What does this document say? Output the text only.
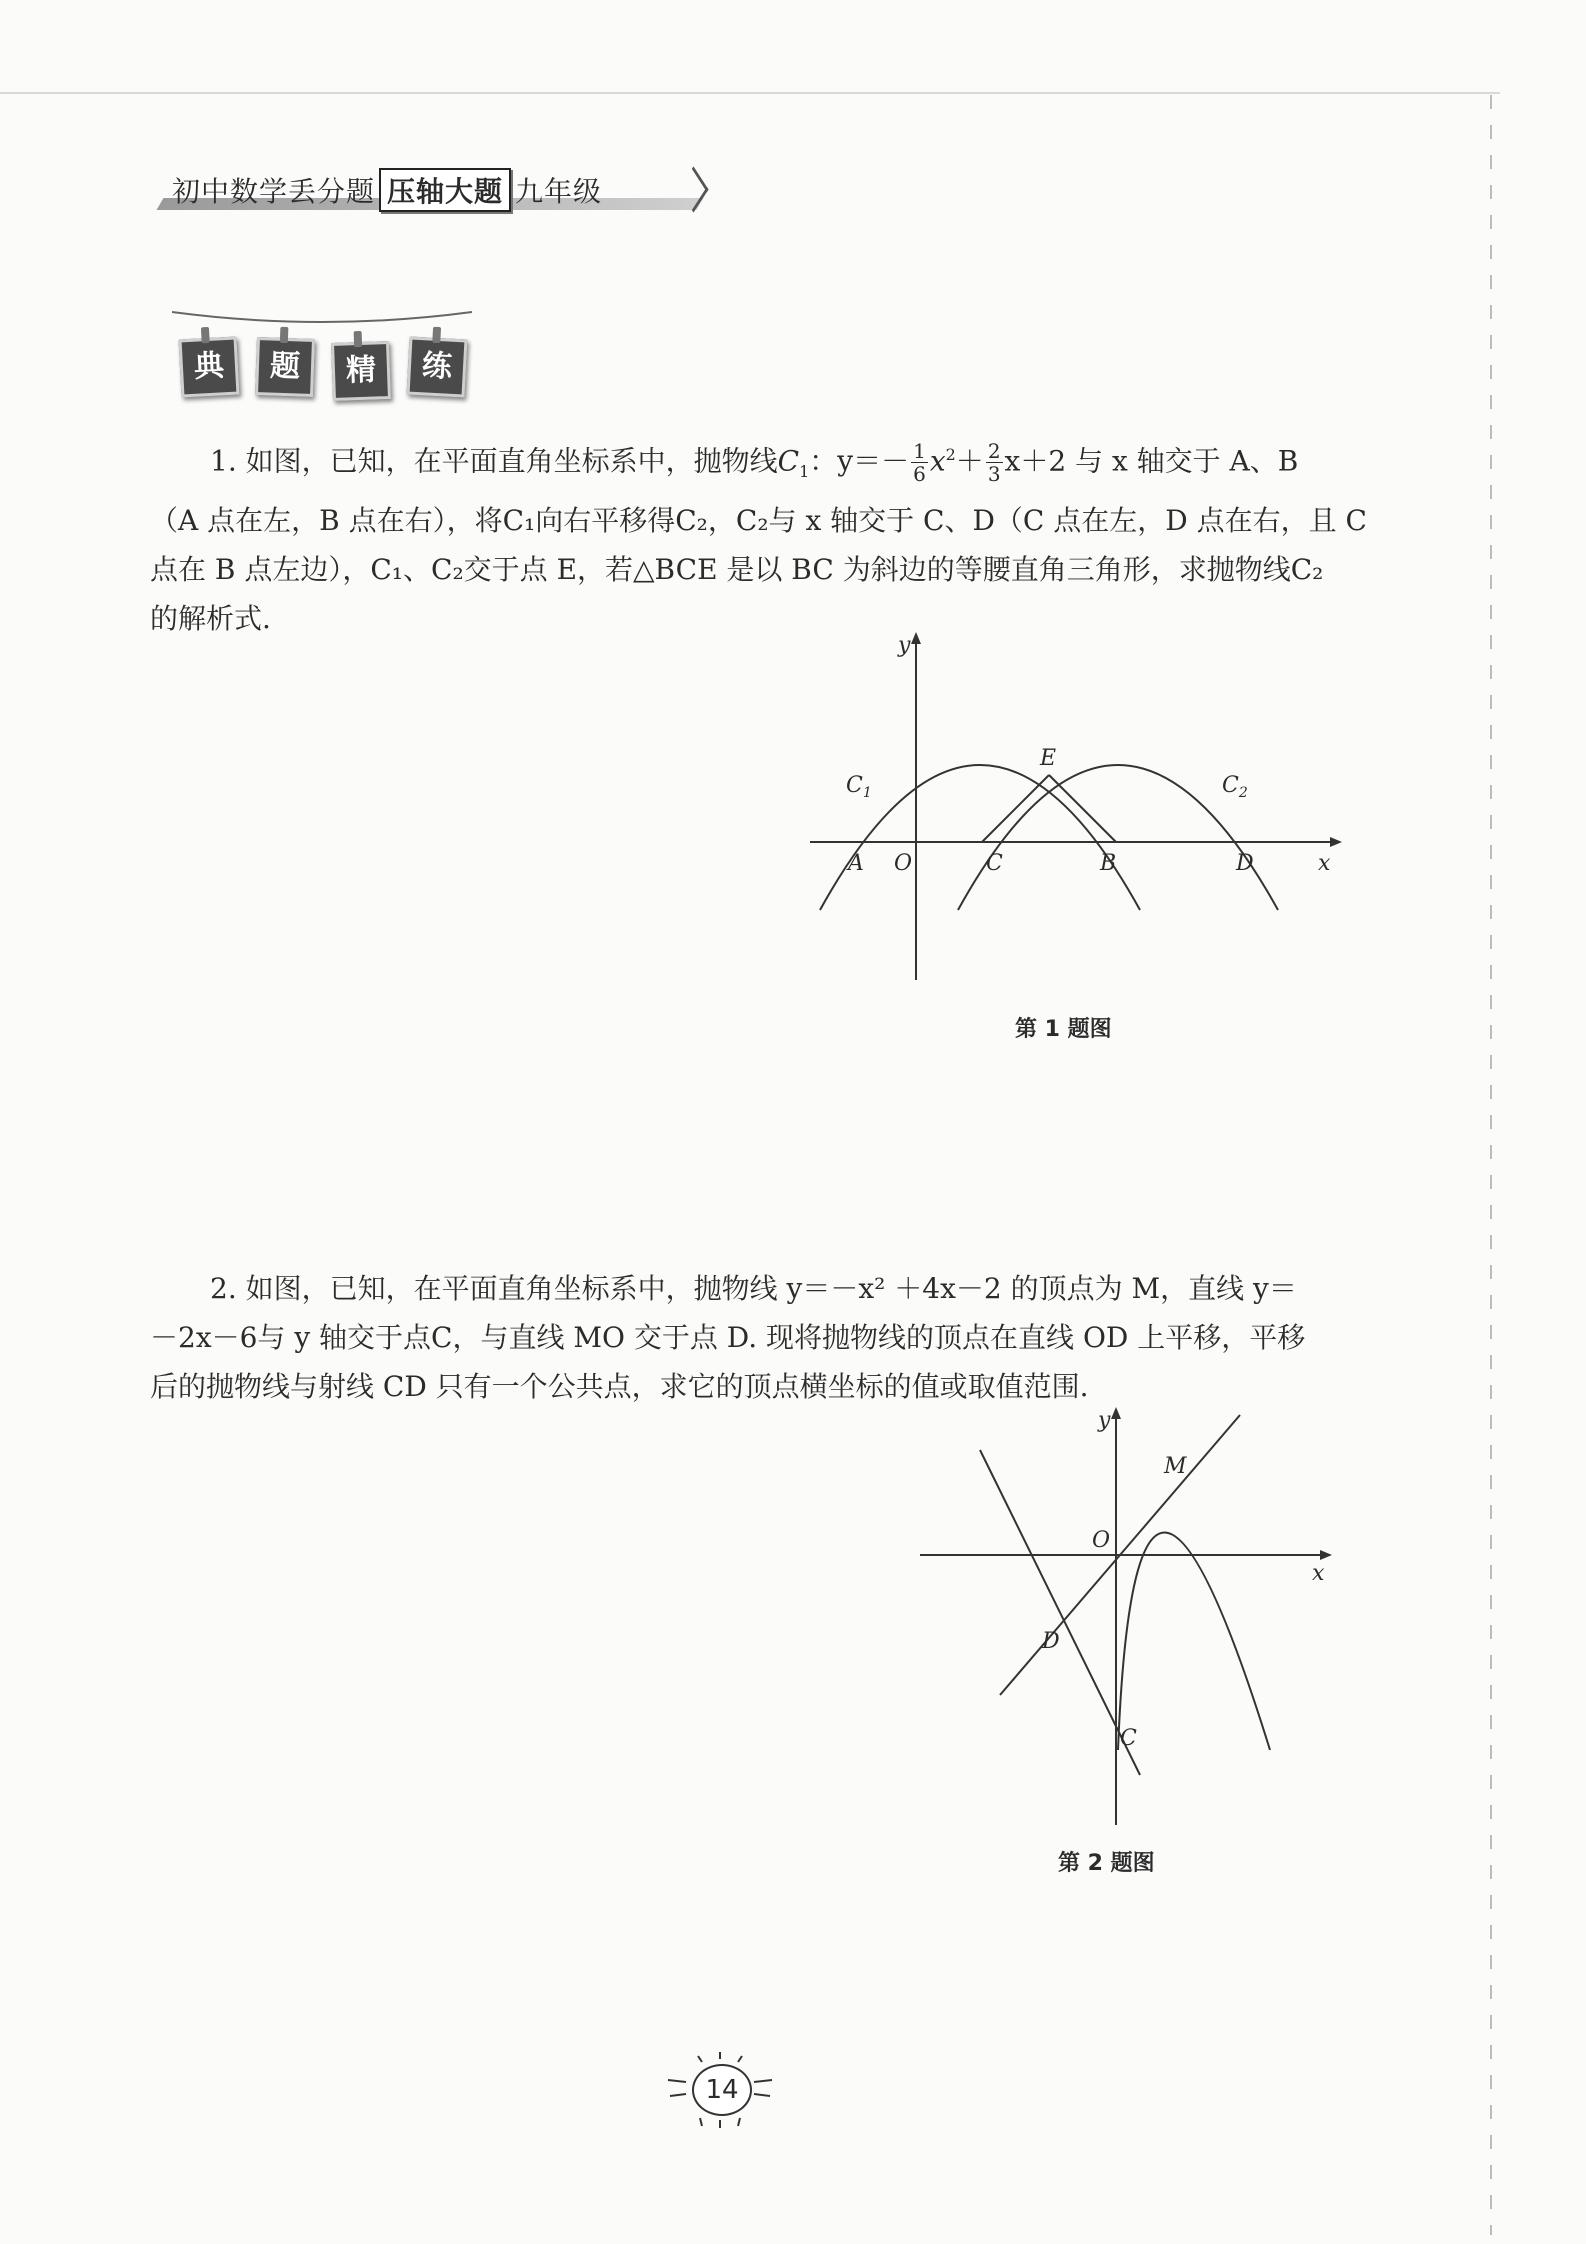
初中数学丢分题 压轴大题 九年级
典	题	精	练
1. 如图，已知，在平面直角坐标系中，抛物线$C_1$：$y=- \frac{1}{6} x^2+ \frac{2}{3} x+2$ 与 x 轴交于 A、B
（A 点在左，B 点在右），将C₁向右平移得C₂，C₂与 x 轴交于 C、D（C 点在左，D 点在右，且 C
点在 B 点左边），C₁、C₂交于点 E，若△BCE 是以 BC 为斜边的等腰直角三角形，求抛物线C₂
的解析式.
y
x
O
A	C	B	D
E
$C_1$	$C_2$
第 1 题图
2. 如图，已知，在平面直角坐标系中，抛物线 y＝－x² ＋4x－2 的顶点为 M，直线 y＝
－2x－6与 y 轴交于点C，与直线 MO 交于点 D. 现将抛物线的顶点在直线 OD 上平移，平移
后的抛物线与射线 CD 只有一个公共点，求它的顶点横坐标的值或取值范围.
y
x
O
M
D
C
第 2 题图
14
